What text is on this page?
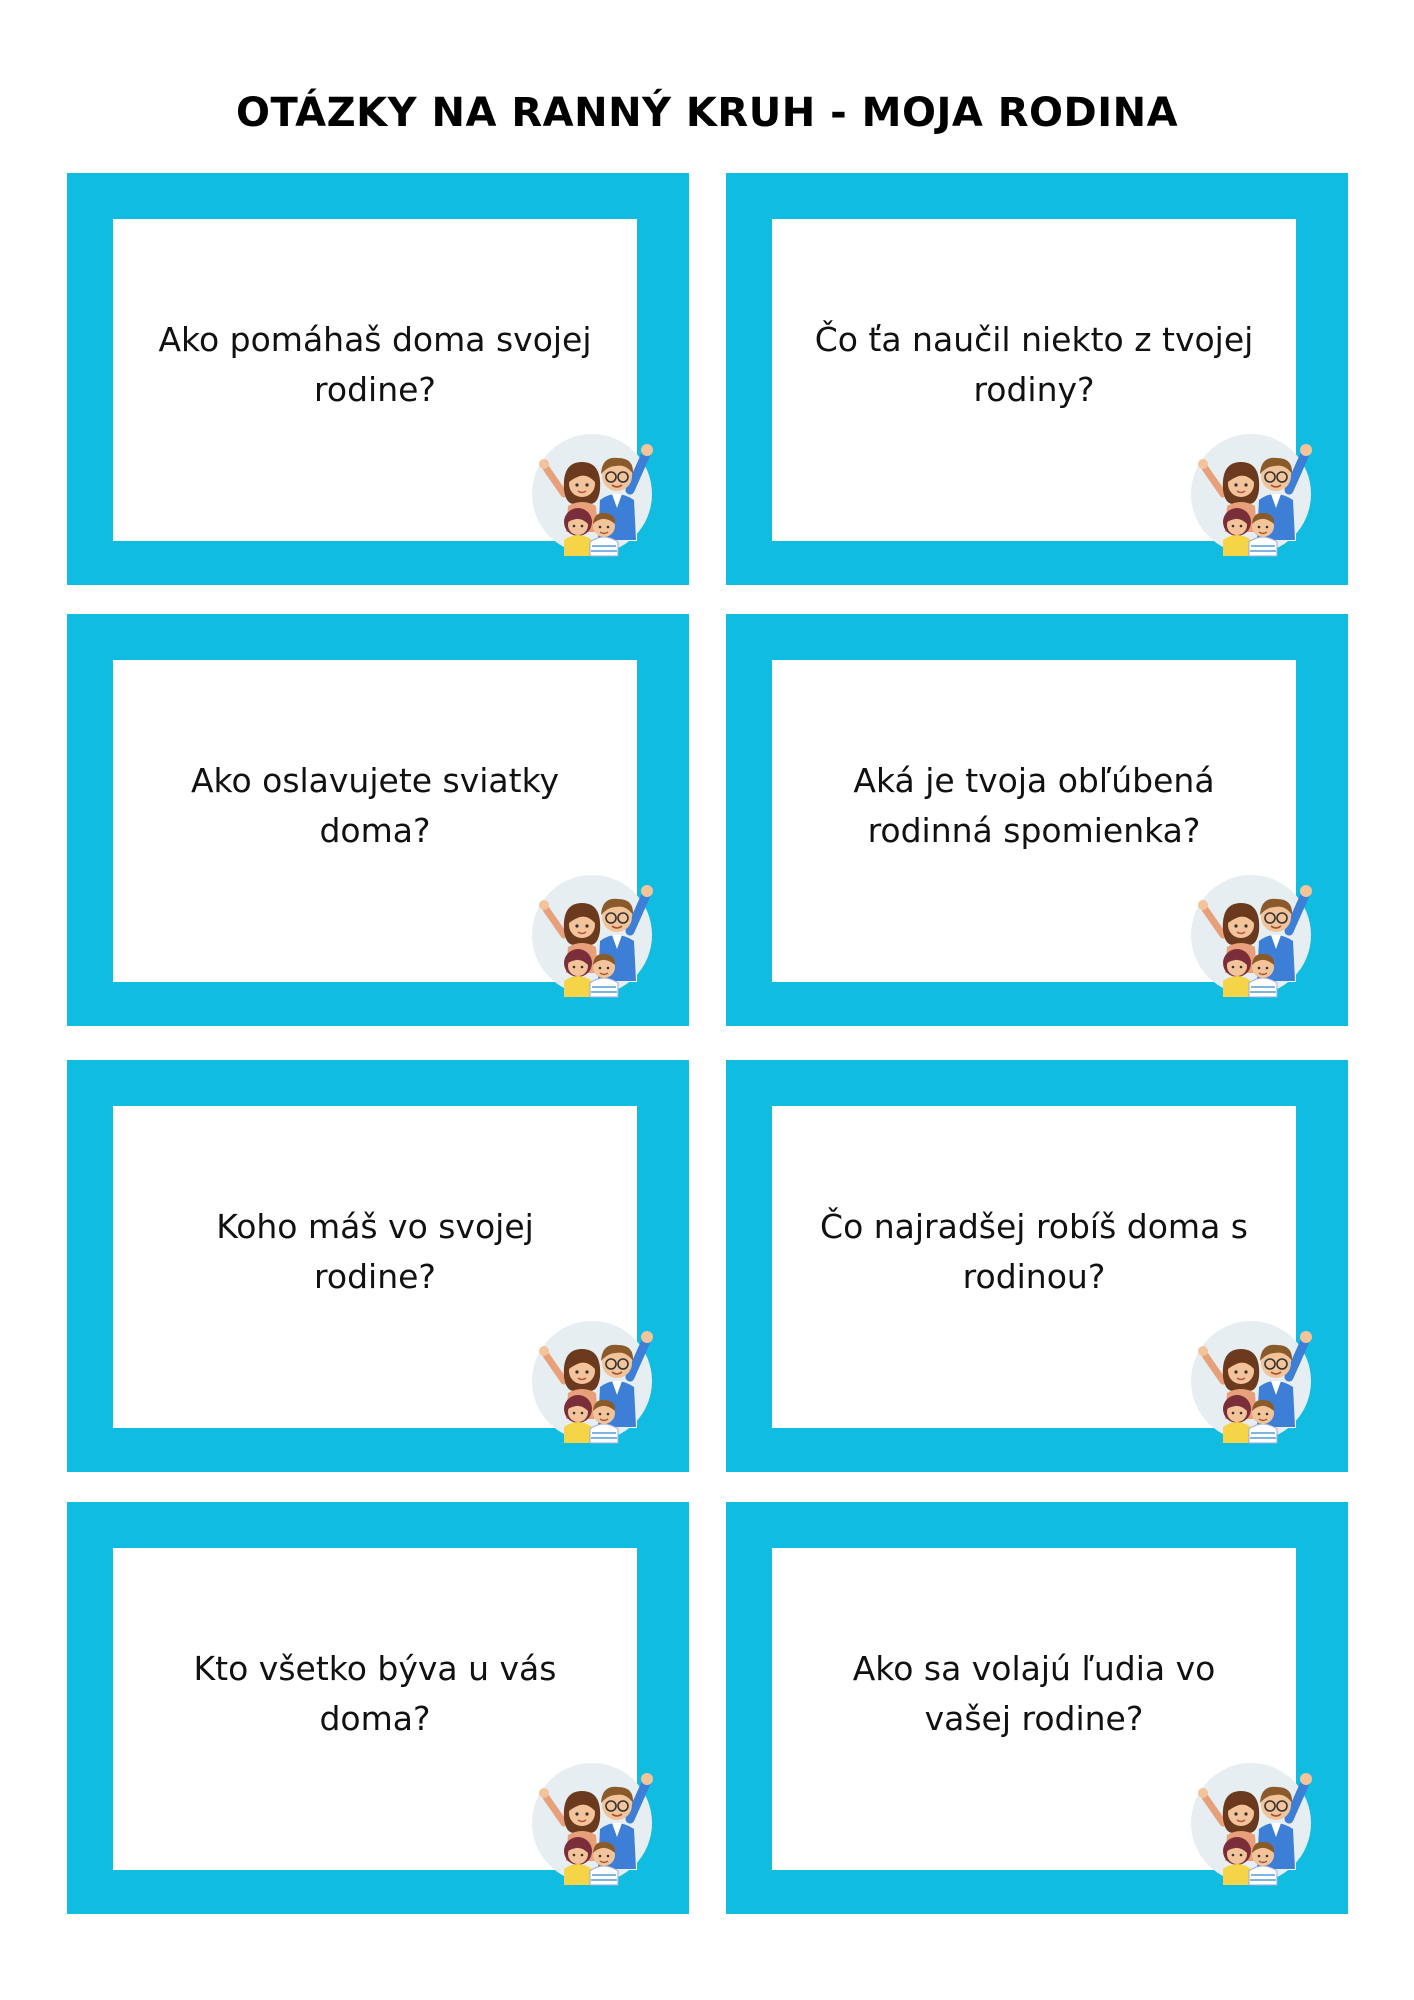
OTÁZKY NA RANNÝ KRUH - MOJA RODINA
Ako pomáhaš doma svojej rodine?
Čo ťa naučil niekto z tvojej rodiny?
Ako oslavujete sviatky doma?
Aká je tvoja obľúbená rodinná spomienka?
Koho máš vo svojej rodine?
Čo najradšej robíš doma s rodinou?
Kto všetko býva u vás doma?
Ako sa volajú ľudia vo vašej rodine?
